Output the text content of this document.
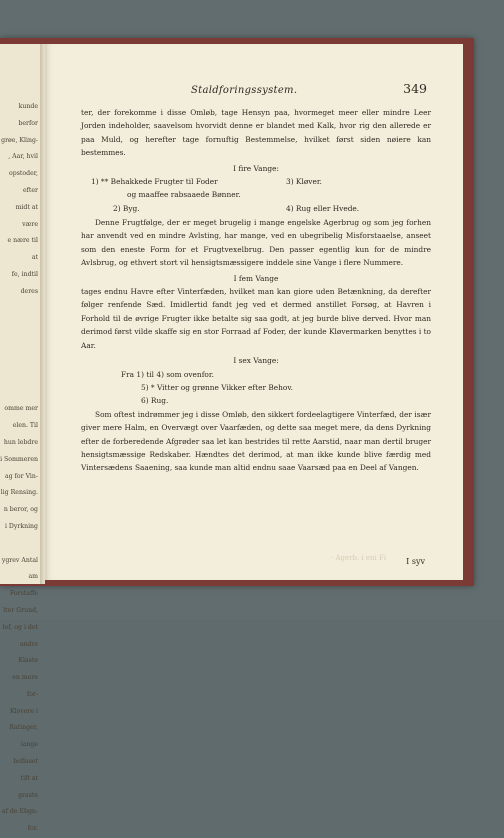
kunde berfor
grøe, Kling-
, Aar, hvil
opstoder, efter
midt at være
e nære til at
fe, indtil deres

omme mer
elen. Til
hun lebdre
i Sommeren
ag for Vin-
lig Rensing.
n beror, og
i Dyrkning

ygrev Antal
am Forstaffe
lter Grund,
lof, og i det
andre Klaste
en mere for-
Klovere i
Ratinger,
iange beflaset
tift at graste
af de Ebgn-
for.
Staldforingssystem.	349

ter, der forekomme i disse Omløb, tage Hensyn paa, hvormeget meer eller mindre Leer Jorden indeholder, saavelsom hvorvidt denne er blandet med Kalk, hvor rig den allerede er paa Muld, og herefter tage fornuftig Bestemmelse, hvilket først siden nøiere kan bestemmes.

I fire Vange:

1) ** Behakkede Frugter til Foder	3) Kløver.
og maaffee rabsaaede Bønner.
2) Byg.	4) Rug eller Hvede.

Denne Frugtfølge, der er meget brugelig i mange engelske Agerbrug og som jeg forhen har anvendt ved en mindre Avlsting, har mange, ved en ubegribelig Misforstaaelse, anseet som den eneste Form for et Frugtvexelbrug. Den passer egentlig kun for de mindre Avlsbrug, og ethvert stort vil hensigtsmæssigere inddele sine Vange i flere Nummere.

I fem Vange

tages endnu Havre efter Vinterfæden, hvilket man kan giore uden Betænkning, da derefter følger renfende Sæd. Imidlertid fandt jeg ved et dermed anstillet Forsøg, at Havren i Forhold til de øvrige Frugter ikke betalte sig saa godt, at jeg burde blive derved. Hvor man derimod først vilde skaffe sig en stor Forraad af Foder, der kunde Kløvermarken benyttes i to Aar.

I sex Vange:

Fra 1) til 4) som ovenfor.

5) * Vitter og grønne Vikker efter Behov.

6) Rug.

Som oftest indrømmer jeg i disse Omløb, den sikkert fordeelagtigere Vinterfæd, der især giver mere Halm, en Overvægt over Vaarfæden, og dette saa meget mere, da dens Dyrkning efter de forberedende Afgrøder saa let kan bestrides til rette Aarstid, naar man dertil bruger hensigtsmæssige Redskaber. Hændtes det derimod, at man ikke kunde blive færdig med Vintersædens Saaening, saa kunde man altid endnu saae Vaarsæd paa en Deel af Vangen.

· Agerb. i eni Fi	I syv
